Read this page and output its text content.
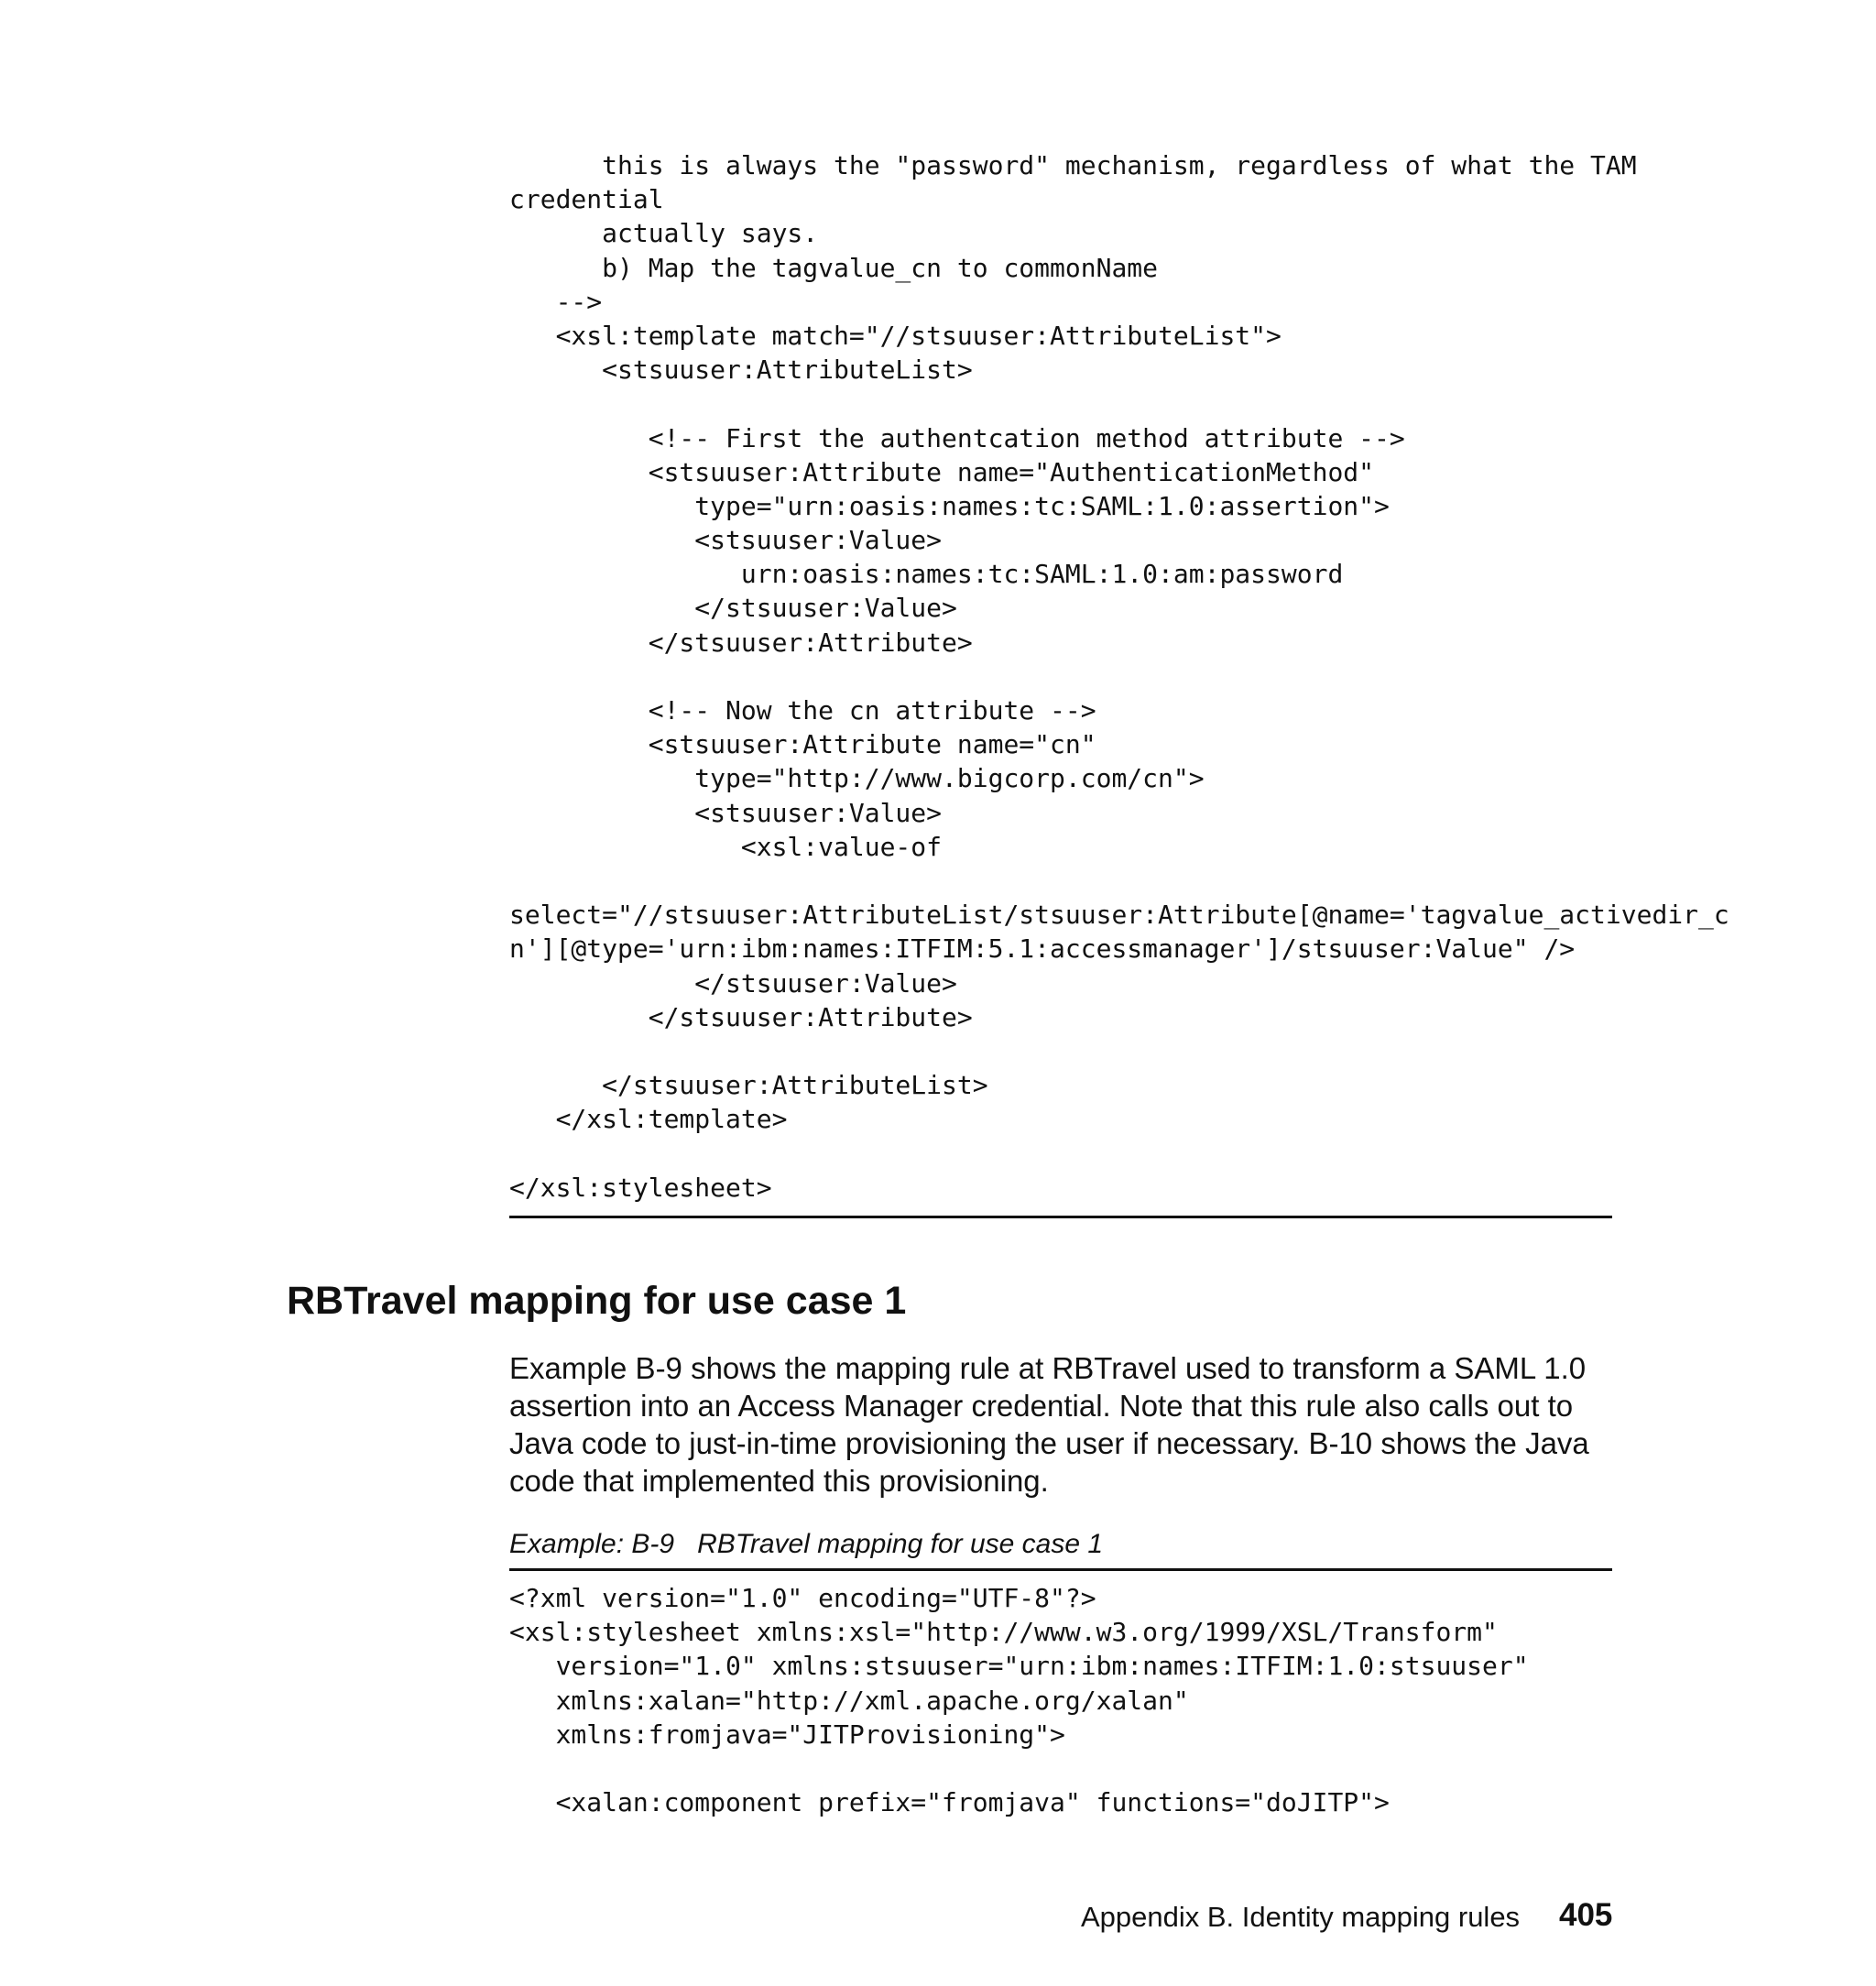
this is always the "password" mechanism, regardless of what the TAM
credential
actually says.
b) Map the tagvalue_cn to commonName
-->
<xsl:template match="//stsuuser:AttributeList">
<stsuuser:AttributeList>
<!-- First the authentcation method attribute -->
<stsuuser:Attribute name="AuthenticationMethod"
type="urn:oasis:names:tc:SAML:1.0:assertion">
<stsuuser:Value>
urn:oasis:names:tc:SAML:1.0:am:password
</stsuuser:Value>
</stsuuser:Attribute>
<!-- Now the cn attribute -->
<stsuuser:Attribute name="cn"
type="http://www.bigcorp.com/cn">
<stsuuser:Value>
<xsl:value-of
select="//stsuuser:AttributeList/stsuuser:Attribute[@name='tagvalue_activedir_c
n'][@type='urn:ibm:names:ITFIM:5.1:accessmanager']/stsuuser:Value" />
</stsuuser:Value>
</stsuuser:Attribute>
</stsuuser:AttributeList>
</xsl:template>
</xsl:stylesheet>
RBTravel mapping for use case 1

Example B-9 shows the mapping rule at RBTravel used to transform a SAML 1.0 assertion into an Access Manager credential. Note that this rule also calls out to Java code to just-in-time provisioning the user if necessary. B-10 shows the Java code that implemented this provisioning.

Example: B-9   RBTravel mapping for use case 1
<?xml version="1.0" encoding="UTF-8"?>
<xsl:stylesheet xmlns:xsl="http://www.w3.org/1999/XSL/Transform"
version="1.0" xmlns:stsuuser="urn:ibm:names:ITFIM:1.0:stsuuser"
xmlns:xalan="http://xml.apache.org/xalan"
xmlns:fromjava="JITProvisioning">
<xalan:component prefix="fromjava" functions="doJITP">
Appendix B. Identity mapping rules 405
